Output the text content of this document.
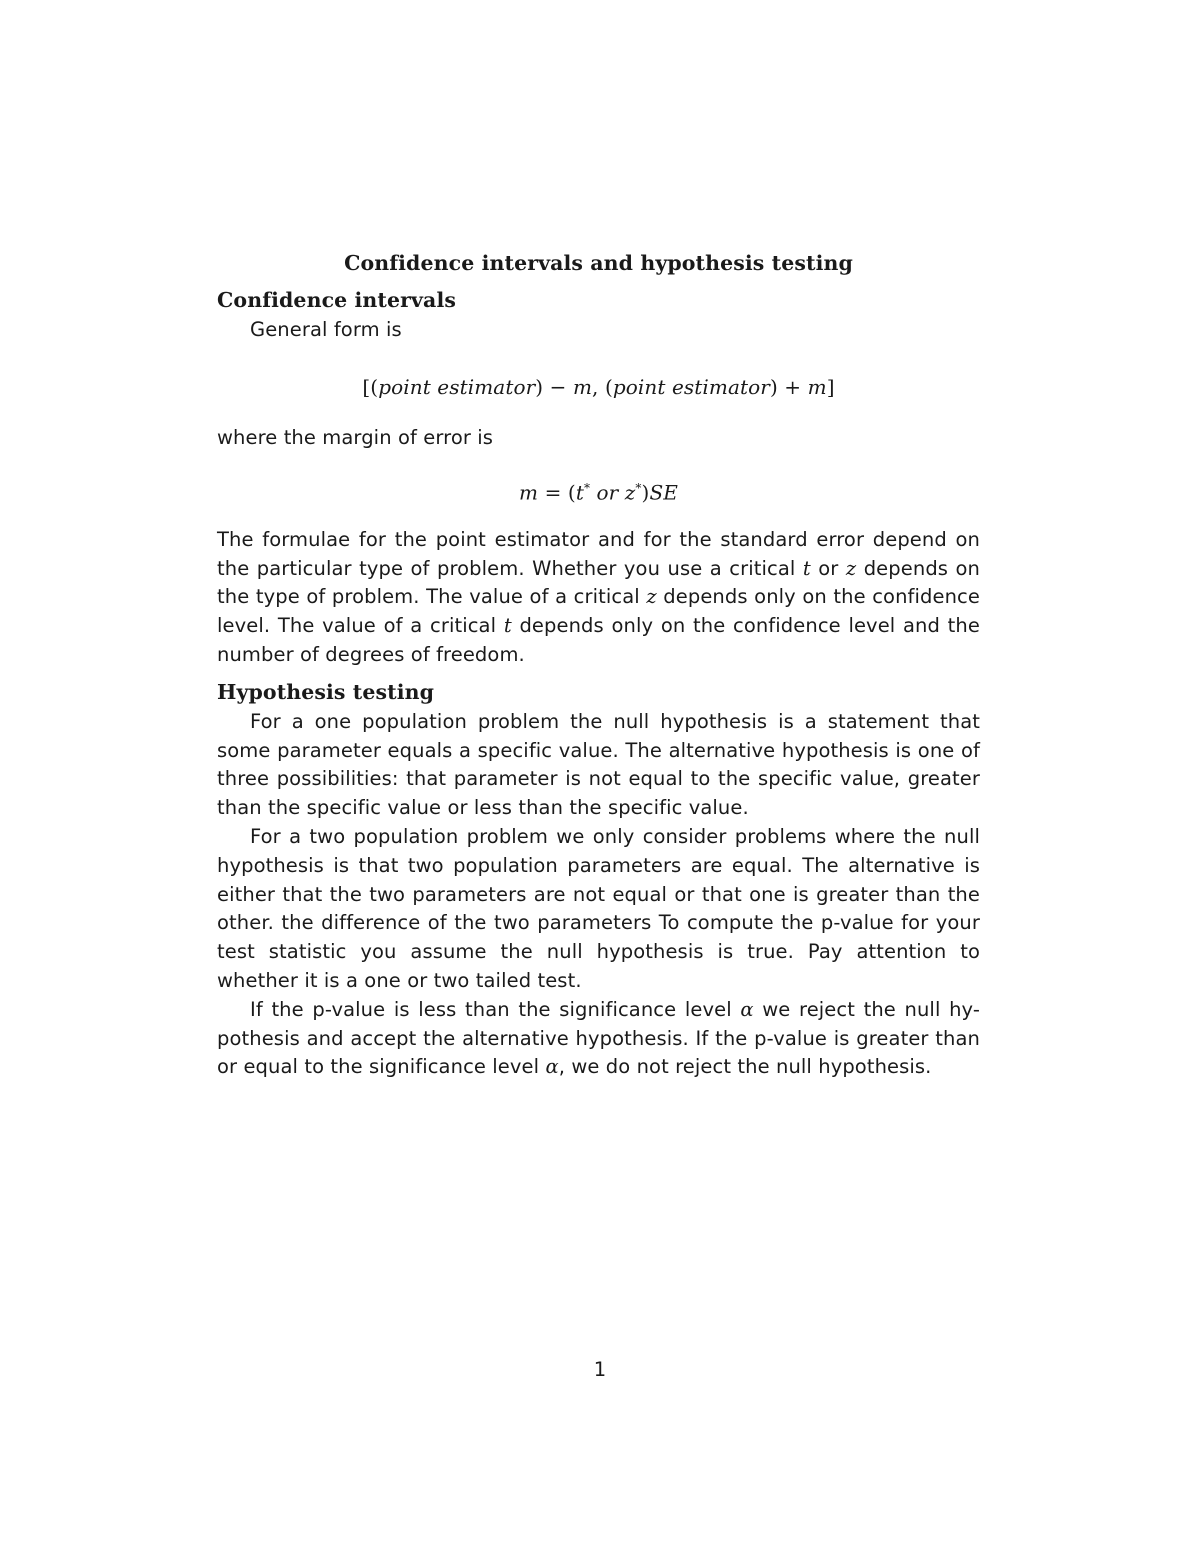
Confidence intervals and hypothesis testing
Confidence intervals

General form is

[(point estimator) − m, (point estimator) + m]

where the margin of error is

m = (t* or z*)SE

The formulae for the point estimator and for the standard error depend on the particular type of problem. Whether you use a critical t or z depends on the type of problem. The value of a critical z depends only on the confidence level. The value of a critical t depends only on the confidence level and the number of degrees of freedom.

Hypothesis testing

For a one population problem the null hypothesis is a statement that some parameter equals a specific value. The alternative hypothesis is one of three possibilities: that parameter is not equal to the specific value, greater than the specific value or less than the specific value.

For a two population problem we only consider problems where the null hypothesis is that two population parameters are equal. The alternative is either that the two parameters are not equal or that one is greater than the other. the difference of the two parameters To compute the p-value for your test statistic you assume the null hypothesis is true. Pay attention to whether it is a one or two tailed test.

If the p-value is less than the significance level α we reject the null hy-pothesis and accept the alternative hypothesis. If the p-value is greater than or equal to the significance level α, we do not reject the null hypothesis.

1
